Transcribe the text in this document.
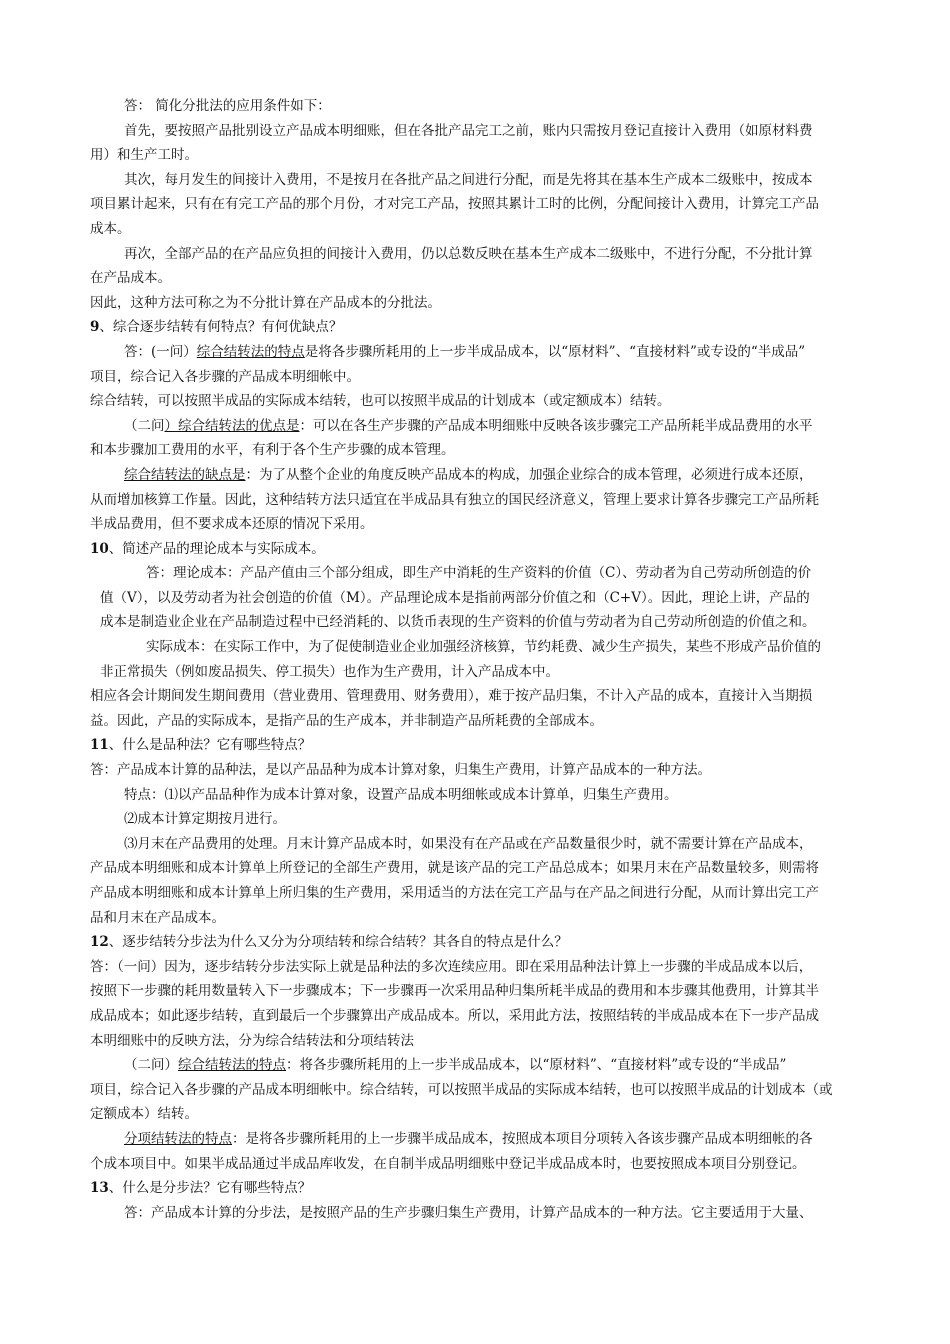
答： 简化分批法的应用条件如下：
首先，要按照产品批别设立产品成本明细账，但在各批产品完工之前，账内只需按月登记直接计入费用（如原材料费
用）和生产工时。
其次，每月发生的间接计入费用，不是按月在各批产品之间进行分配，而是先将其在基本生产成本二级账中，按成本
项目累计起来，只有在有完工产品的那个月份，才对完工产品，按照其累计工时的比例，分配间接计入费用，计算完工产品
成本。
再次，全部产品的在产品应负担的间接计入费用，仍以总数反映在基本生产成本二级账中，不进行分配，不分批计算
在产品成本。
因此，这种方法可称之为不分批计算在产品成本的分批法。
9、综合逐步结转有何特点？有何优缺点？
答：(一问）综合结转法的特点是将各步骤所耗用的上一步半成品成本，以“原材料”、“直接材料”或专设的“半成品”
项目，综合记入各步骤的产品成本明细帐中。
综合结转，可以按照半成品的实际成本结转，也可以按照半成品的计划成本（或定额成本）结转。
（二问）综合结转法的优点是：可以在各生产步骤的产品成本明细账中反映各该步骤完工产品所耗半成品费用的水平
和本步骤加工费用的水平，有利于各个生产步骤的成本管理。
综合结转法的缺点是：为了从整个企业的角度反映产品成本的构成，加强企业综合的成本管理，必须进行成本还原，
从而增加核算工作量。因此，这种结转方法只适宜在半成品具有独立的国民经济意义，管理上要求计算各步骤完工产品所耗
半成品费用，但不要求成本还原的情况下采用。
10、简述产品的理论成本与实际成本。
答：理论成本：产品产值由三个部分组成，即生产中消耗的生产资料的价值（C）、劳动者为自己劳动所创造的价
值（V），以及劳动者为社会创造的价值（M）。产品理论成本是指前两部分价值之和（C+V）。因此，理论上讲，产品的
成本是制造业企业在产品制造过程中已经消耗的、以货币表现的生产资料的价值与劳动者为自己劳动所创造的价值之和。
实际成本：在实际工作中，为了促使制造业企业加强经济核算，节约耗费、减少生产损失，某些不形成产品价值的
非正常损失（例如废品损失、停工损失）也作为生产费用，计入产品成本中。
相应各会计期间发生期间费用（营业费用、管理费用、财务费用），难于按产品归集，不计入产品的成本，直接计入当期损
益。因此，产品的实际成本，是指产品的生产成本，并非制造产品所耗费的全部成本。
11、什么是品种法？它有哪些特点？
答：产品成本计算的品种法，是以产品品种为成本计算对象，归集生产费用，计算产品成本的一种方法。
特点：⑴以产品品种作为成本计算对象，设置产品成本明细帐或成本计算单，归集生产费用。
⑵成本计算定期按月进行。
⑶月末在产品费用的处理。月末计算产品成本时，如果没有在产品或在产品数量很少时，就不需要计算在产品成本，
产品成本明细账和成本计算单上所登记的全部生产费用，就是该产品的完工产品总成本；如果月末在产品数量较多，则需将
产品成本明细账和成本计算单上所归集的生产费用，采用适当的方法在完工产品与在产品之间进行分配，从而计算出完工产
品和月末在产品成本。
12、逐步结转分步法为什么又分为分项结转和综合结转？其各自的特点是什么？
答：（一问）因为，逐步结转分步法实际上就是品种法的多次连续应用。即在采用品种法计算上一步骤的半成品成本以后，
按照下一步骤的耗用数量转入下一步骤成本；下一步骤再一次采用品种归集所耗半成品的费用和本步骤其他费用，计算其半
成品成本；如此逐步结转，直到最后一个步骤算出产成品成本。所以，采用此方法，按照结转的半成品成本在下一步产品成
本明细账中的反映方法，分为综合结转法和分项结转法
（二问）综合结转法的特点：将各步骤所耗用的上一步半成品成本，以“原材料”、“直接材料”或专设的“半成品”
项目，综合记入各步骤的产品成本明细帐中。综合结转，可以按照半成品的实际成本结转，也可以按照半成品的计划成本（或
定额成本）结转。
分项结转法的特点：是将各步骤所耗用的上一步骤半成品成本，按照成本项目分项转入各该步骤产品成本明细帐的各
个成本项目中。如果半成品通过半成品库收发，在自制半成品明细账中登记半成品成本时，也要按照成本项目分别登记。
13、什么是分步法？它有哪些特点？
答：产品成本计算的分步法，是按照产品的生产步骤归集生产费用，计算产品成本的一种方法。它主要适用于大量、
